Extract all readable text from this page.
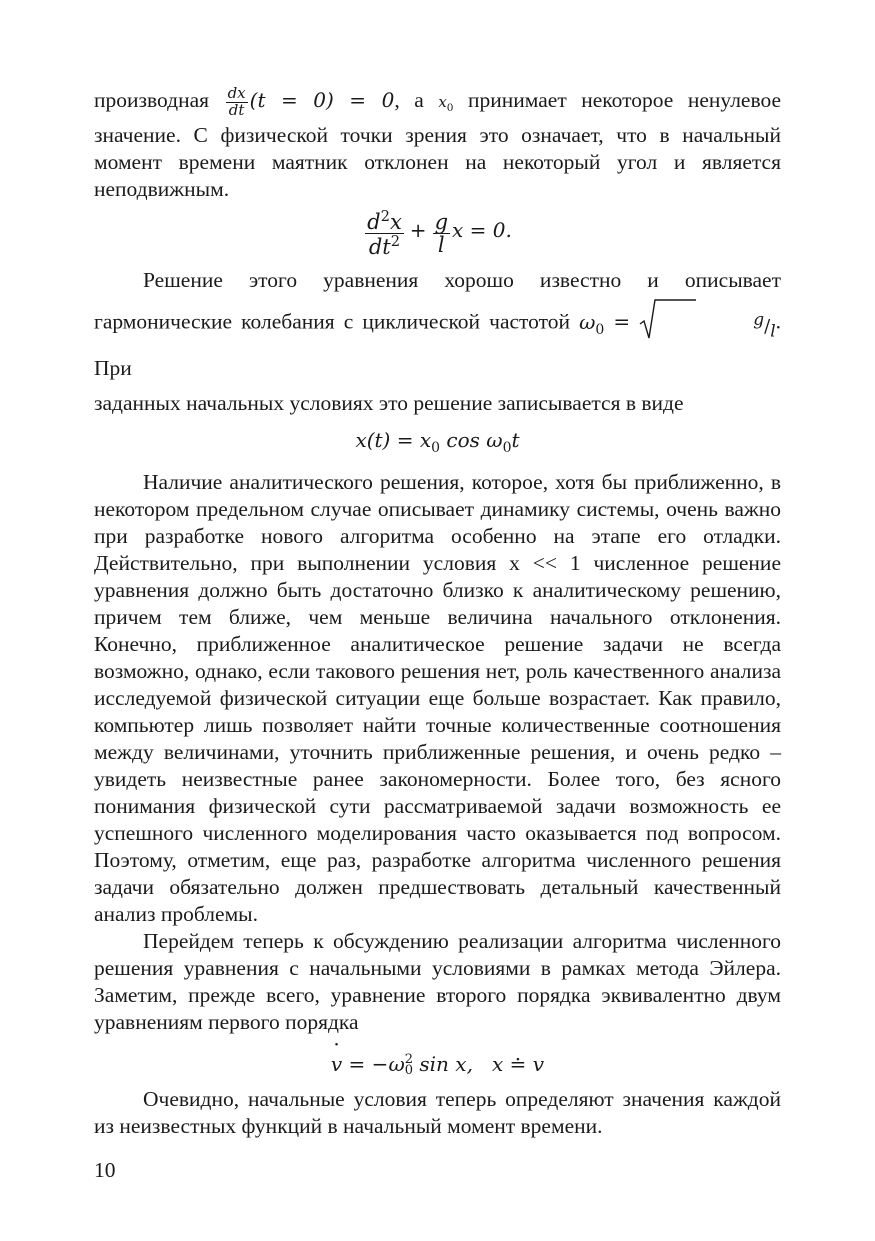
производная $\frac{dx}{dt} (t = 0) = 0$, а $x_0$ принимает некоторое ненулевое значение. С физической точки зрения это означает, что в начальный момент времени маятник отклонен на некоторый угол и является неподвижным.

$\frac{d^2x}{dt^2} + \frac{g}{l}$ x = 0.

Решение этого уравнения хорошо известно и описывает гармонические колебания с циклической частотой $\omega_0$ =	$^g/_l$. При

заданных начальных условиях это решение записывается в виде

$x(t) = x_0$ $\cos \omega_0t$

Наличие аналитического решения, которое, хотя бы приближенно, в некотором предельном случае описывает динамику системы, очень важно при разработке нового алгоритма особенно на этапе его отладки. Действительно, при выполнении условия x << 1 численное решение уравнения должно быть достаточно близко к аналитическому решению, причем тем ближе, чем меньше величина начального отклонения. Конечно, приближенное аналитическое решение задачи не всегда возможно, однако, если такового решения нет, роль качественного анализа исследуемой физической ситуации еще больше возрастает. Как правило, компьютер лишь позволяет найти точные количественные соотношения между величинами, уточнить приближенные решения, и очень редко – увидеть неизвестные ранее закономерности. Более того, без ясного понимания физической сути рассматриваемой задачи возможность ее успешного численного моделирования часто оказывается под вопросом. Поэтому, отметим, еще раз, разработке алгоритма численного решения задачи обязательно должен предшествовать детальный качественный анализ проблемы.

Перейдем теперь к обсуждению реализации алгоритма численного решения уравнения с начальными условиями в рамках метода Эйлера. Заметим, прежде всего, уравнение второго порядка эквивалентно двум уравнениям первого порядка

· v = −ω 2
0 sin x, x ≐ v

Очевидно, начальные условия теперь определяют значения каждой из неизвестных функций в начальный момент времени.

10
